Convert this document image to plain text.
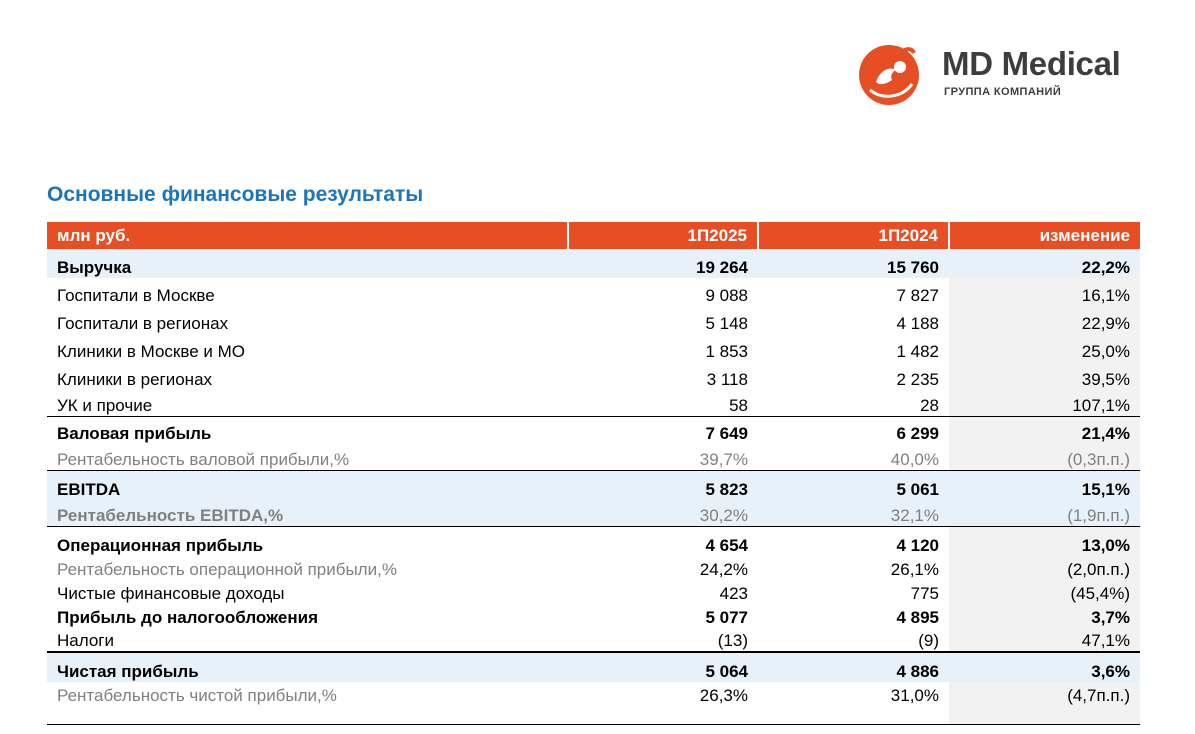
MD Medical
ГРУППА КОМПАНИЙ
Основные финансовые результаты
млн руб.	1П2025	1П2024	изменение
Выручка	19 264	15 760	22,2%
Госпитали в Москве	9 088	7 827	16,1%
Госпитали в регионах	5 148	4 188	22,9%
Клиники в Москве и МО	1 853	1 482	25,0%
Клиники в регионах	3 118	2 235	39,5%
УК и прочие	58	28	107,1%
Валовая прибыль	7 649	6 299	21,4%
Рентабельность валовой прибыли,%	39,7%	40,0%	(0,3п.п.)
EBITDA	5 823	5 061	15,1%
Рентабельность EBITDA,%	30,2%	32,1%	(1,9п.п.)
Операционная прибыль	4 654	4 120	13,0%
Рентабельность операционной прибыли,%	24,2%	26,1%	(2,0п.п.)
Чистые финансовые доходы	423	775	(45,4%)
Прибыль до налогообложения	5 077	4 895	3,7%
Налоги	(13)	(9)	47,1%
Чистая прибыль	5 064	4 886	3,6%
Рентабельность чистой прибыли,%	26,3%	31,0%	(4,7п.п.)
